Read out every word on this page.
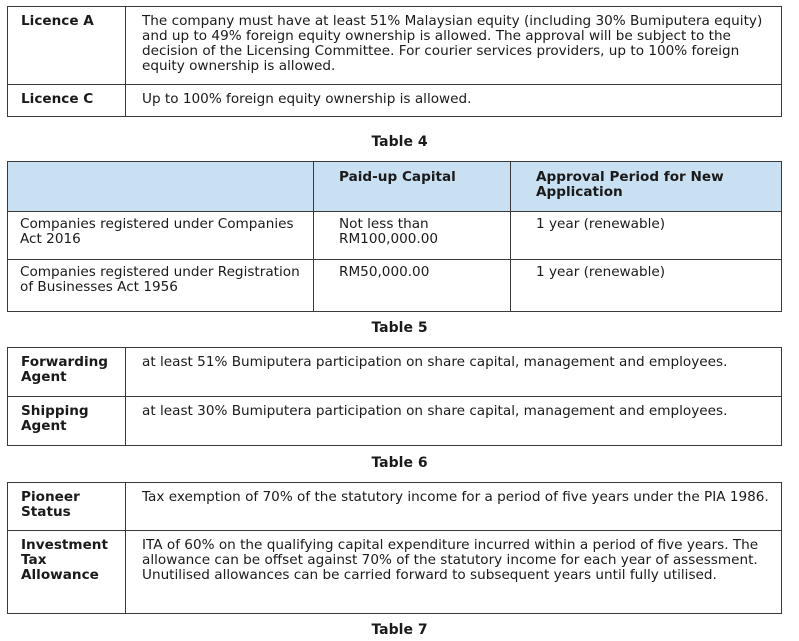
Licence A	The company must have at least 51% Malaysian equity (including 30% Bumiputera equity) and up to 49% foreign equity ownership is allowed. The approval will be subject to the decision of the Licensing Committee. For courier services providers, up to 100% foreign equity ownership is allowed.
Licence C	Up to 100% foreign equity ownership is allowed.
Table 4
	Paid-up Capital	Approval Period for New Application
Companies registered under Companies Act 2016	Not less than RM100,000.00	1 year (renewable)
Companies registered under Registration of Businesses Act 1956	RM50,000.00	1 year (renewable)
Table 5
Forwarding Agent	at least 51% Bumiputera participation on share capital, management and employees.
Shipping Agent	at least 30% Bumiputera participation on share capital, management and employees.
Table 6
Pioneer Status	Tax exemption of 70% of the statutory income for a period of five years under the PIA 1986.
Investment Tax Allowance	ITA of 60% on the qualifying capital expenditure incurred within a period of five years. The allowance can be offset against 70% of the statutory income for each year of assessment. Unutilised allowances can be carried forward to subsequent years until fully utilised.
Table 7
